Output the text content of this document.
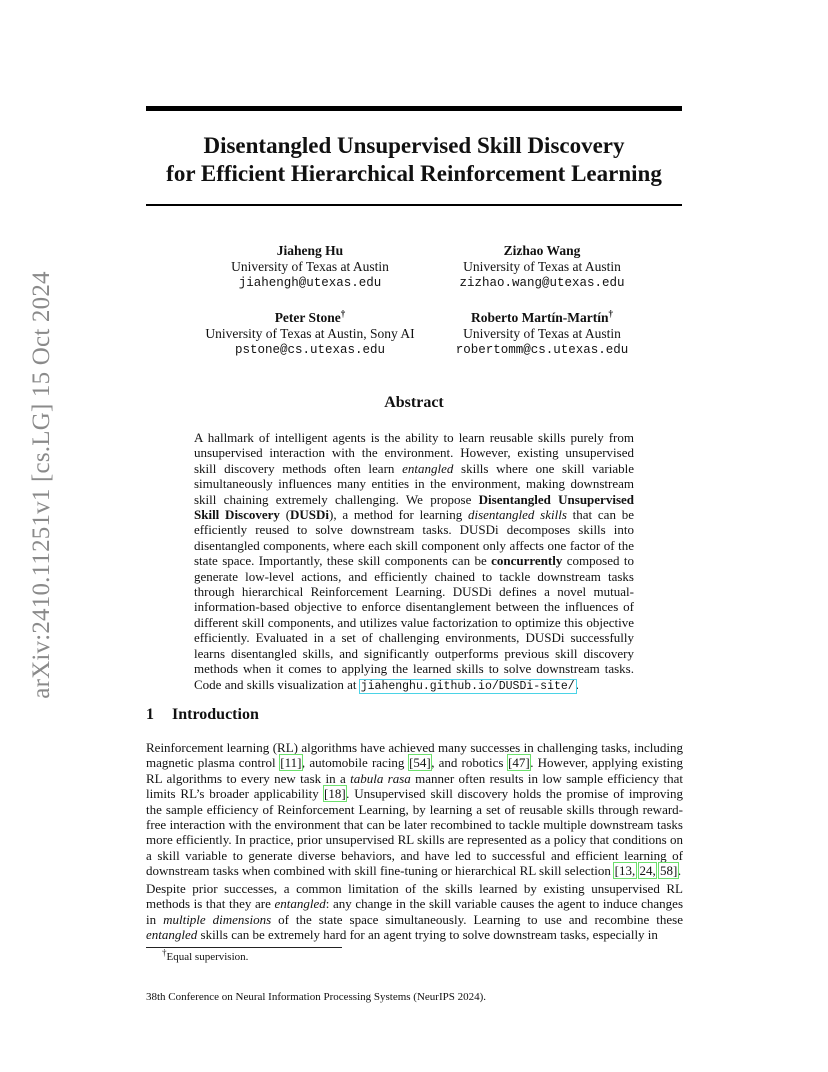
arXiv:2410.11251v1 [cs.LG] 15 Oct 2024
Disentangled Unsupervised Skill Discovery
for Efficient Hierarchical Reinforcement Learning
Jiaheng Hu
University of Texas at Austin
jiahengh@utexas.edu
Zizhao Wang
University of Texas at Austin
zizhao.wang@utexas.edu
Peter Stone†
University of Texas at Austin, Sony AI
pstone@cs.utexas.edu
Roberto Martín-Martín†
University of Texas at Austin
robertomm@cs.utexas.edu
Abstract
A hallmark of intelligent agents is the ability to learn reusable skills purely from unsupervised interaction with the environment. However, existing unsupervised skill discovery methods often learn entangled skills where one skill variable simultaneously influences many entities in the environment, making downstream skill chaining extremely challenging. We propose Disentangled Unsupervised Skill Discovery (DUSDi), a method for learning disentangled skills that can be efficiently reused to solve downstream tasks. DUSDi decomposes skills into disentangled components, where each skill component only affects one factor of the state space. Importantly, these skill components can be concurrently composed to generate low-level actions, and efficiently chained to tackle downstream tasks through hierarchical Reinforcement Learning. DUSDi defines a novel mutual-information-based objective to enforce disentanglement between the influences of different skill components, and utilizes value factorization to optimize this objective efficiently. Evaluated in a set of challenging environments, DUSDi successfully learns disentangled skills, and significantly outperforms previous skill discovery methods when it comes to applying the learned skills to solve downstream tasks. Code and skills visualization at jiahenghu.github.io/DUSDi-site/.
1 Introduction
Reinforcement learning (RL) algorithms have achieved many successes in challenging tasks, including magnetic plasma control [11], automobile racing [54], and robotics [47]. However, applying existing RL algorithms to every new task in a tabula rasa manner often results in low sample efficiency that limits RL’s broader applicability [18]. Unsupervised skill discovery holds the promise of improving the sample efficiency of Reinforcement Learning, by learning a set of reusable skills through reward-free interaction with the environment that can be later recombined to tackle multiple downstream tasks more efficiently. In practice, prior unsupervised RL skills are represented as a policy that conditions on a skill variable to generate diverse behaviors, and have led to successful and efficient learning of downstream tasks when combined with skill fine-tuning or hierarchical RL skill selection [13, 24, 58].
Despite prior successes, a common limitation of the skills learned by existing unsupervised RL methods is that they are entangled: any change in the skill variable causes the agent to induce changes in multiple dimensions of the state space simultaneously. Learning to use and recombine these entangled skills can be extremely hard for an agent trying to solve downstream tasks, especially in
†Equal supervision.
38th Conference on Neural Information Processing Systems (NeurIPS 2024).
